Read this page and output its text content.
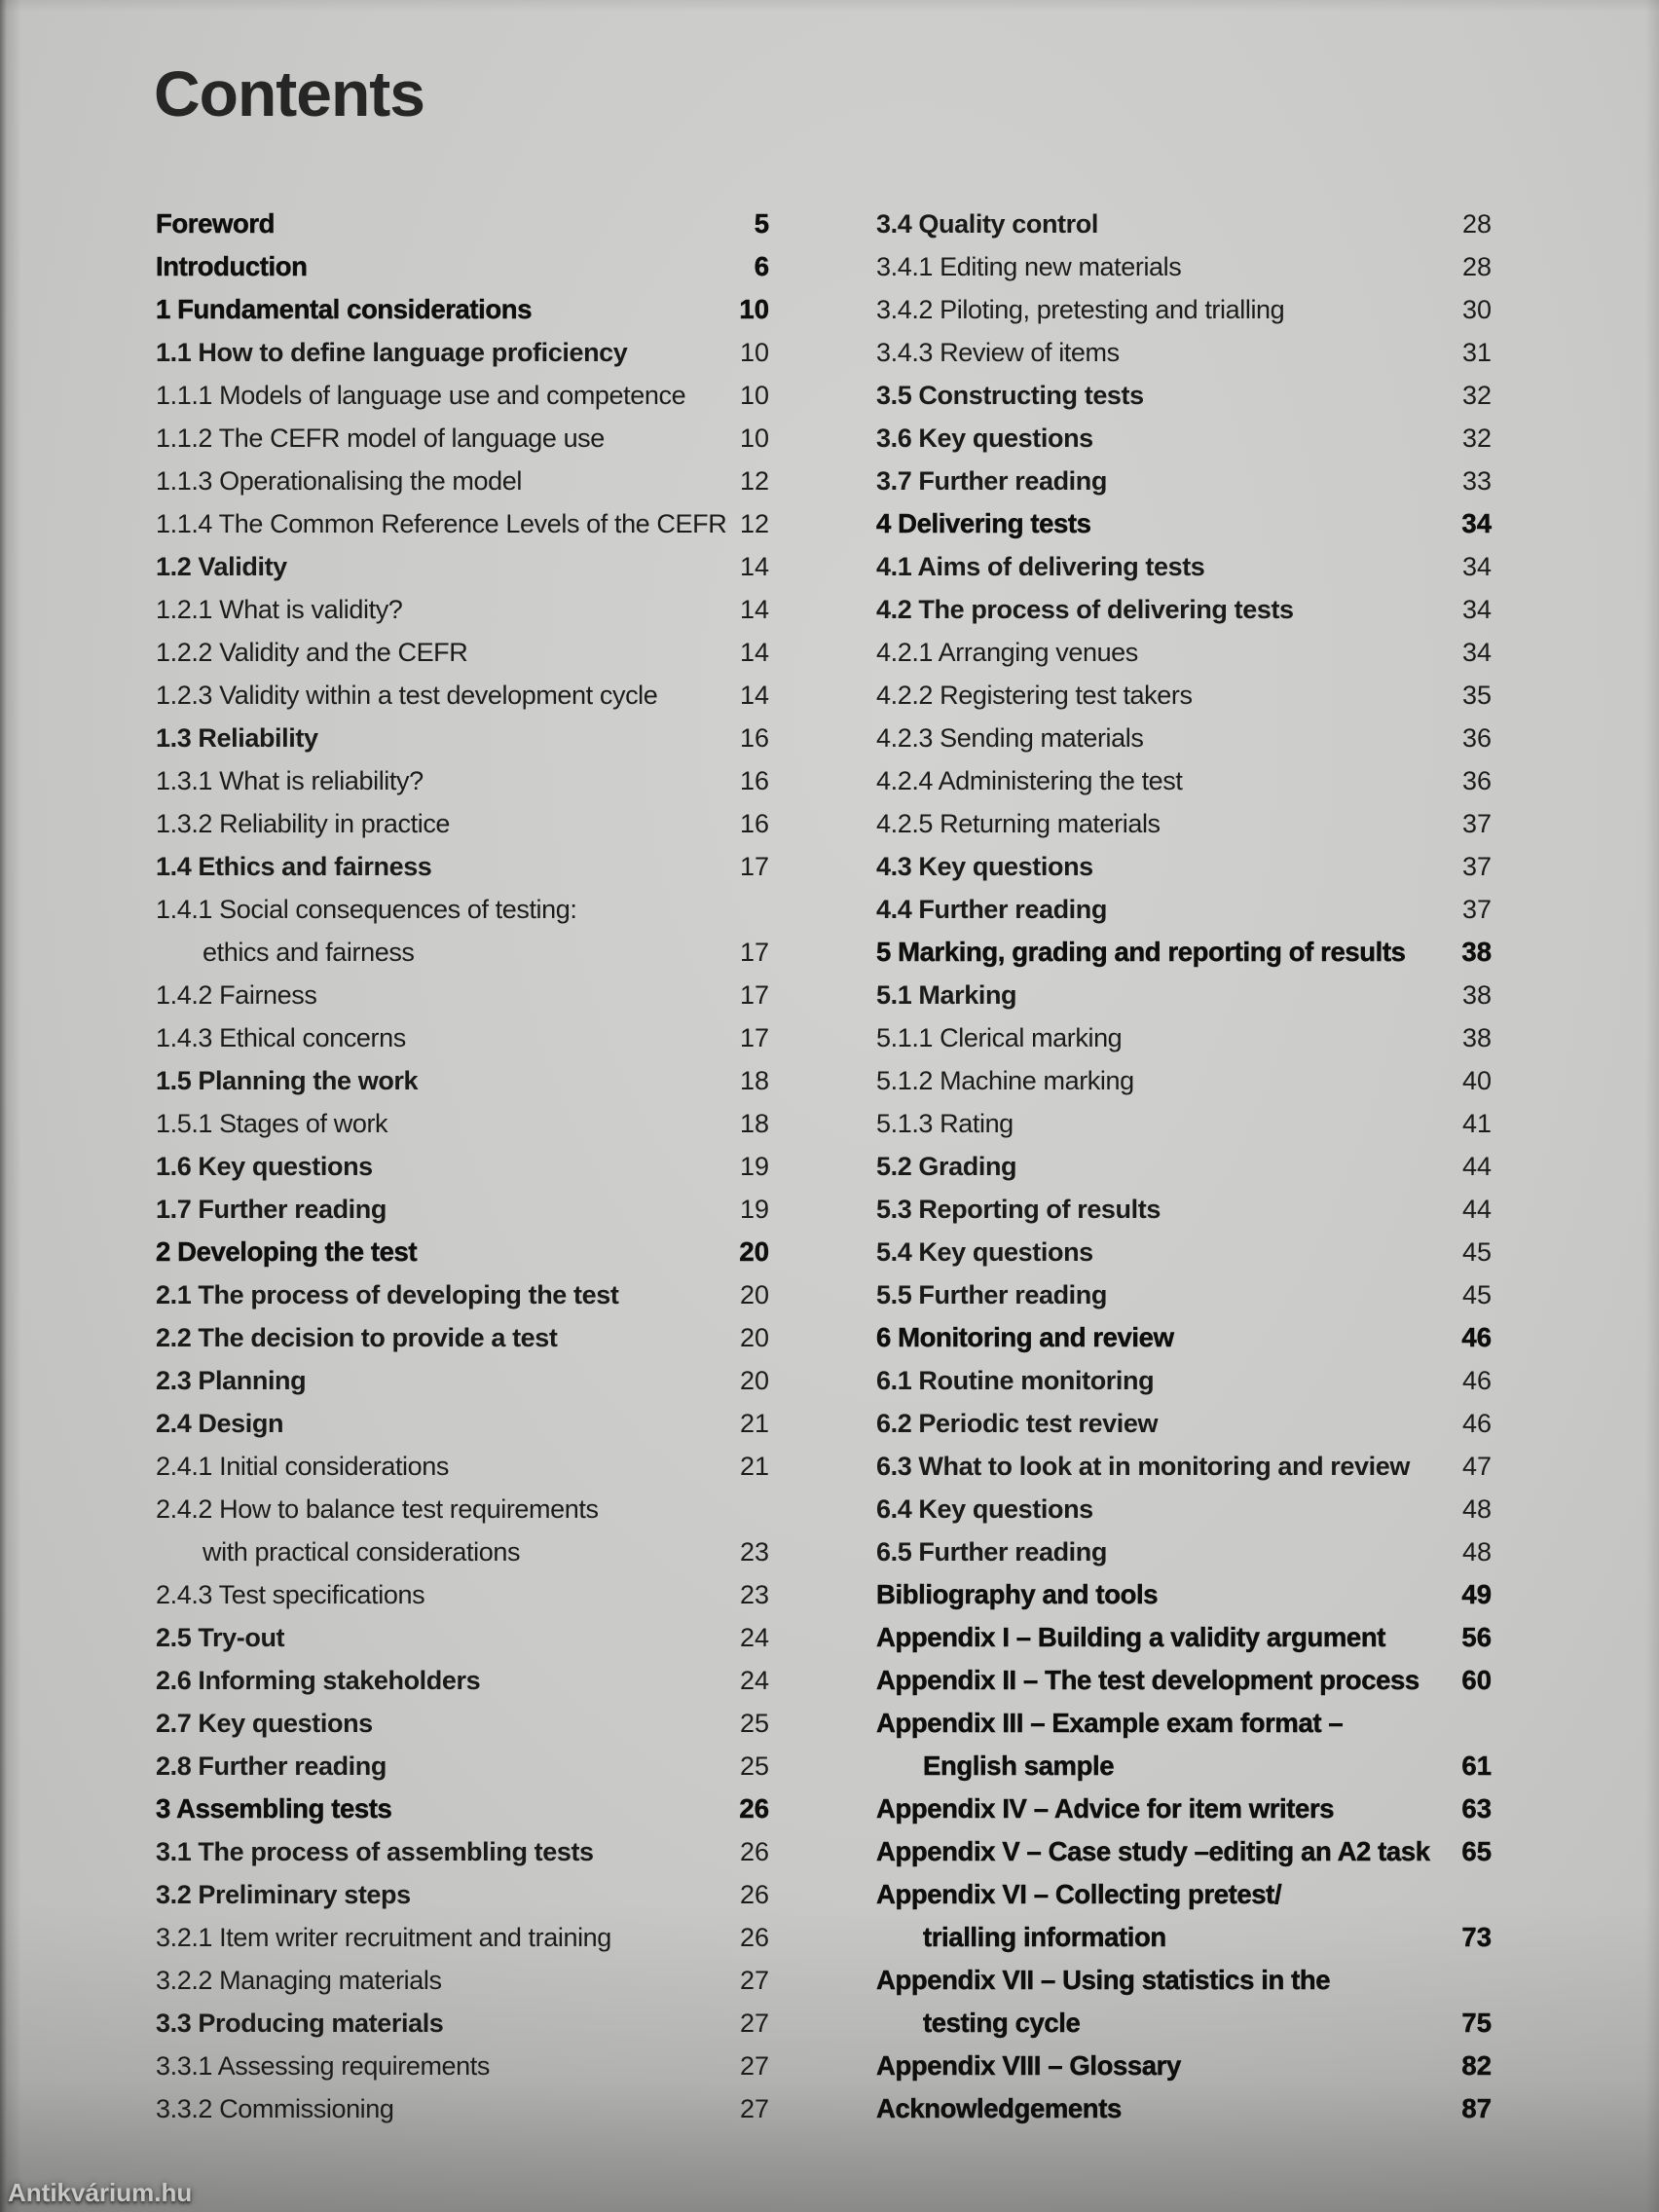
Contents
Foreword	5
Introduction	6
1 Fundamental considerations	10
1.1 How to define language proficiency	10
1.1.1 Models of language use and competence	10
1.1.2 The CEFR model of language use	10
1.1.3 Operationalising the model	12
1.1.4 The Common Reference Levels of the CEFR 12
1.2 Validity	14
1.2.1 What is validity?	14
1.2.2 Validity and the CEFR	14
1.2.3 Validity within a test development cycle	14
1.3 Reliability	16
1.3.1 What is reliability?	16
1.3.2 Reliability in practice	16
1.4 Ethics and fairness	17
1.4.1 Social consequences of testing:
ethics and fairness	17
1.4.2 Fairness	17
1.4.3 Ethical concerns	17
1.5 Planning the work	18
1.5.1 Stages of work	18
1.6 Key questions	19
1.7 Further reading	19
2 Developing the test	20
2.1 The process of developing the test	20
2.2 The decision to provide a test	20
2.3 Planning	20
2.4 Design	21
2.4.1 Initial considerations	21
2.4.2 How to balance test requirements
with practical considerations	23
2.4.3 Test specifications	23
2.5 Try-out	24
2.6 Informing stakeholders	24
2.7 Key questions	25
2.8 Further reading	25
3 Assembling tests	26
3.1 The process of assembling tests	26
3.2 Preliminary steps	26
3.2.1 Item writer recruitment and training	26
3.2.2 Managing materials	27
3.3 Producing materials	27
3.3.1 Assessing requirements	27
3.3.2 Commissioning	27
3.4 Quality control	28
3.4.1 Editing new materials	28
3.4.2 Piloting, pretesting and trialling	30
3.4.3 Review of items	31
3.5 Constructing tests	32
3.6 Key questions	32
3.7 Further reading	33
4 Delivering tests	34
4.1 Aims of delivering tests	34
4.2 The process of delivering tests	34
4.2.1 Arranging venues	34
4.2.2 Registering test takers	35
4.2.3 Sending materials	36
4.2.4 Administering the test	36
4.2.5 Returning materials	37
4.3 Key questions	37
4.4 Further reading	37
5 Marking, grading and reporting of results	38
5.1 Marking	38
5.1.1 Clerical marking	38
5.1.2 Machine marking	40
5.1.3 Rating	41
5.2 Grading	44
5.3 Reporting of results	44
5.4 Key questions	45
5.5 Further reading	45
6 Monitoring and review	46
6.1 Routine monitoring	46
6.2 Periodic test review	46
6.3 What to look at in monitoring and review	47
6.4 Key questions	48
6.5 Further reading	48
Bibliography and tools	49
Appendix I – Building a validity argument	56
Appendix II – The test development process	60
Appendix III – Example exam format –
English sample	61
Appendix IV – Advice for item writers	63
Appendix V – Case study –editing an A2 task	65
Appendix VI – Collecting pretest/
trialling information	73
Appendix VII – Using statistics in the
testing cycle	75
Appendix VIII – Glossary	82
Acknowledgements	87
Antikvárium.hu
